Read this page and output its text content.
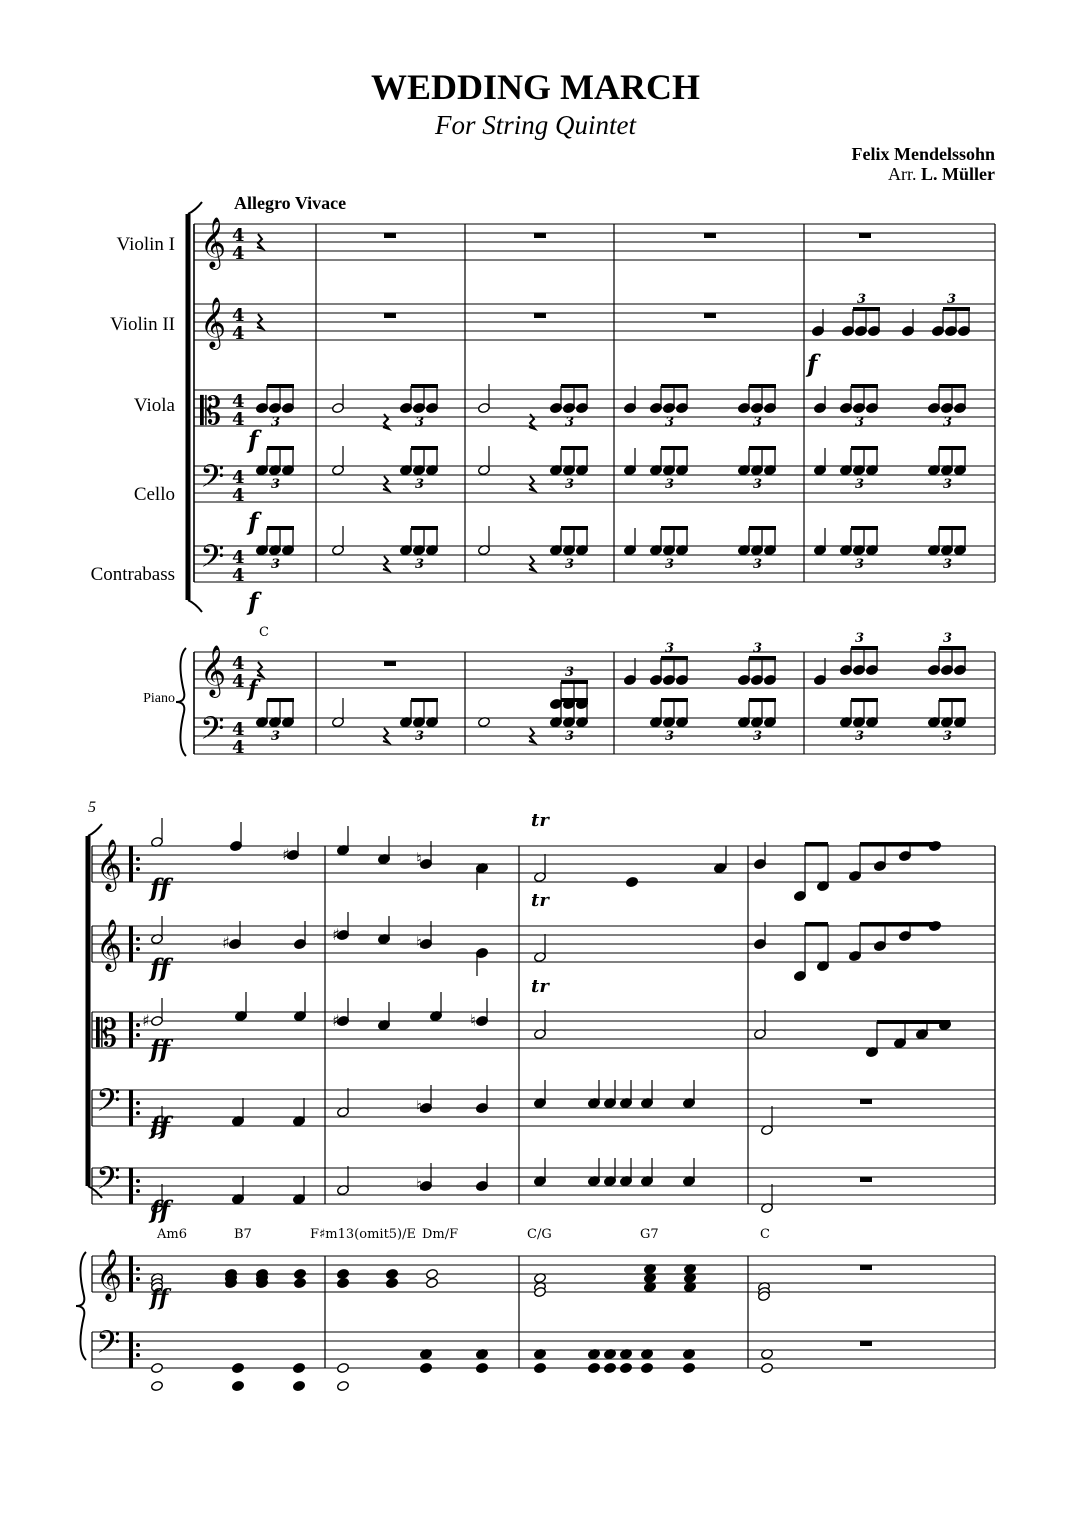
WEDDING MARCH
For String Quintet
Felix Mendelssohn
Arr. L. Müller
Allegro Vivace
Violin I
Violin II
Viola
Cello
Contrabass
Piano
5
𝄞 4
4
𝄞 4
4
𝄡 4
4
𝄢 4
4
𝄢 4
4
𝄞
𝄢
4
4
4
4
3	3
3	3	3	3	3	3	3
3	3	3	3	3	3	3
3	3	3	3	3	3	3
3
3	3
3	3
3	3	3	3	3	3	3
f
f
f
f
f
C
𝄞
𝄞
𝄡
𝄢
𝄢
𝄞
𝄢
♯	♮
♯	♯	♮
♯	♯	♮
♮
♮
ff
ff
ff
ff
ff
ff
tr
tr
tr
Am6	B7	F♯m13(omit5)/E Dm/F	C/G	G7	C
